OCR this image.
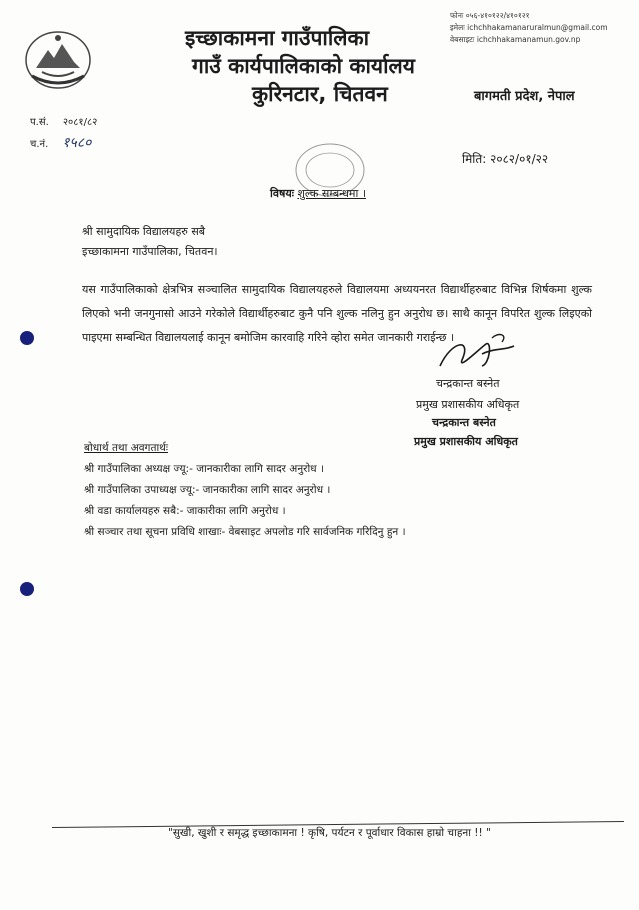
इच्छाकामना गाउँपालिका
गाउँ कार्यपालिकाको कार्यालय
कुरिनटार, चितवन
फोनः ०५६-४१०१२२/४१०१२१
इमेलः ichchhakamanaruralmun@gmail.com
वेबसाइटः ichchhakamanamun.gov.np
बागमती प्रदेश, नेपाल
प.सं. २०८१/८२
च.नं. १५८०
मिति: २०८२/०१/२२
विषयः शुल्क सम्बन्धमा ।
श्री सामुदायिक विद्यालयहरु सबै
इच्छाकामना गाउँपालिका, चितवन।
यस गाउँपालिकाको क्षेत्रभित्र सञ्चालित सामुदायिक विद्यालयहरुले विद्यालयमा अध्ययनरत विद्यार्थीहरुबाट विभिन्न शिर्षकमा शुल्क लिएको भनी जनगुनासो आउने गरेकोले विद्यार्थीहरुबाट कुनै पनि शुल्क नलिनु हुन अनुरोध छ। साथै कानून विपरित शुल्क लिइएको पाइएमा सम्बन्धित विद्यालयलाई कानून बमोजिम कारवाहि गरिने व्होरा समेत जानकारी गराईन्छ ।
चन्द्रकान्त बस्नेत
प्रमुख प्रशासकीय अधिकृत
चन्द्रकान्त बस्नेत
प्रमुख प्रशासकीय अधिकृत
बोधार्थ तथा अवगतार्थः
श्री गाउँपालिका अध्यक्ष ज्यू:- जानकारीका लागि सादर अनुरोध ।
श्री गाउँपालिका उपाध्यक्ष ज्यू:- जानकारीका लागि सादर अनुरोध ।
श्री वडा कार्यालयहरु सबै:- जाकारीका लागि अनुरोध ।
श्री सञ्चार तथा सूचना प्रविधि शाखाः- वेबसाइट अपलोड गरि सार्वजनिक गरिदिनु हुन ।
"सुखी, खुशी र समृद्ध इच्छाकामना ! कृषि, पर्यटन र पूर्वाधार विकास हाम्रो चाहना !! "
